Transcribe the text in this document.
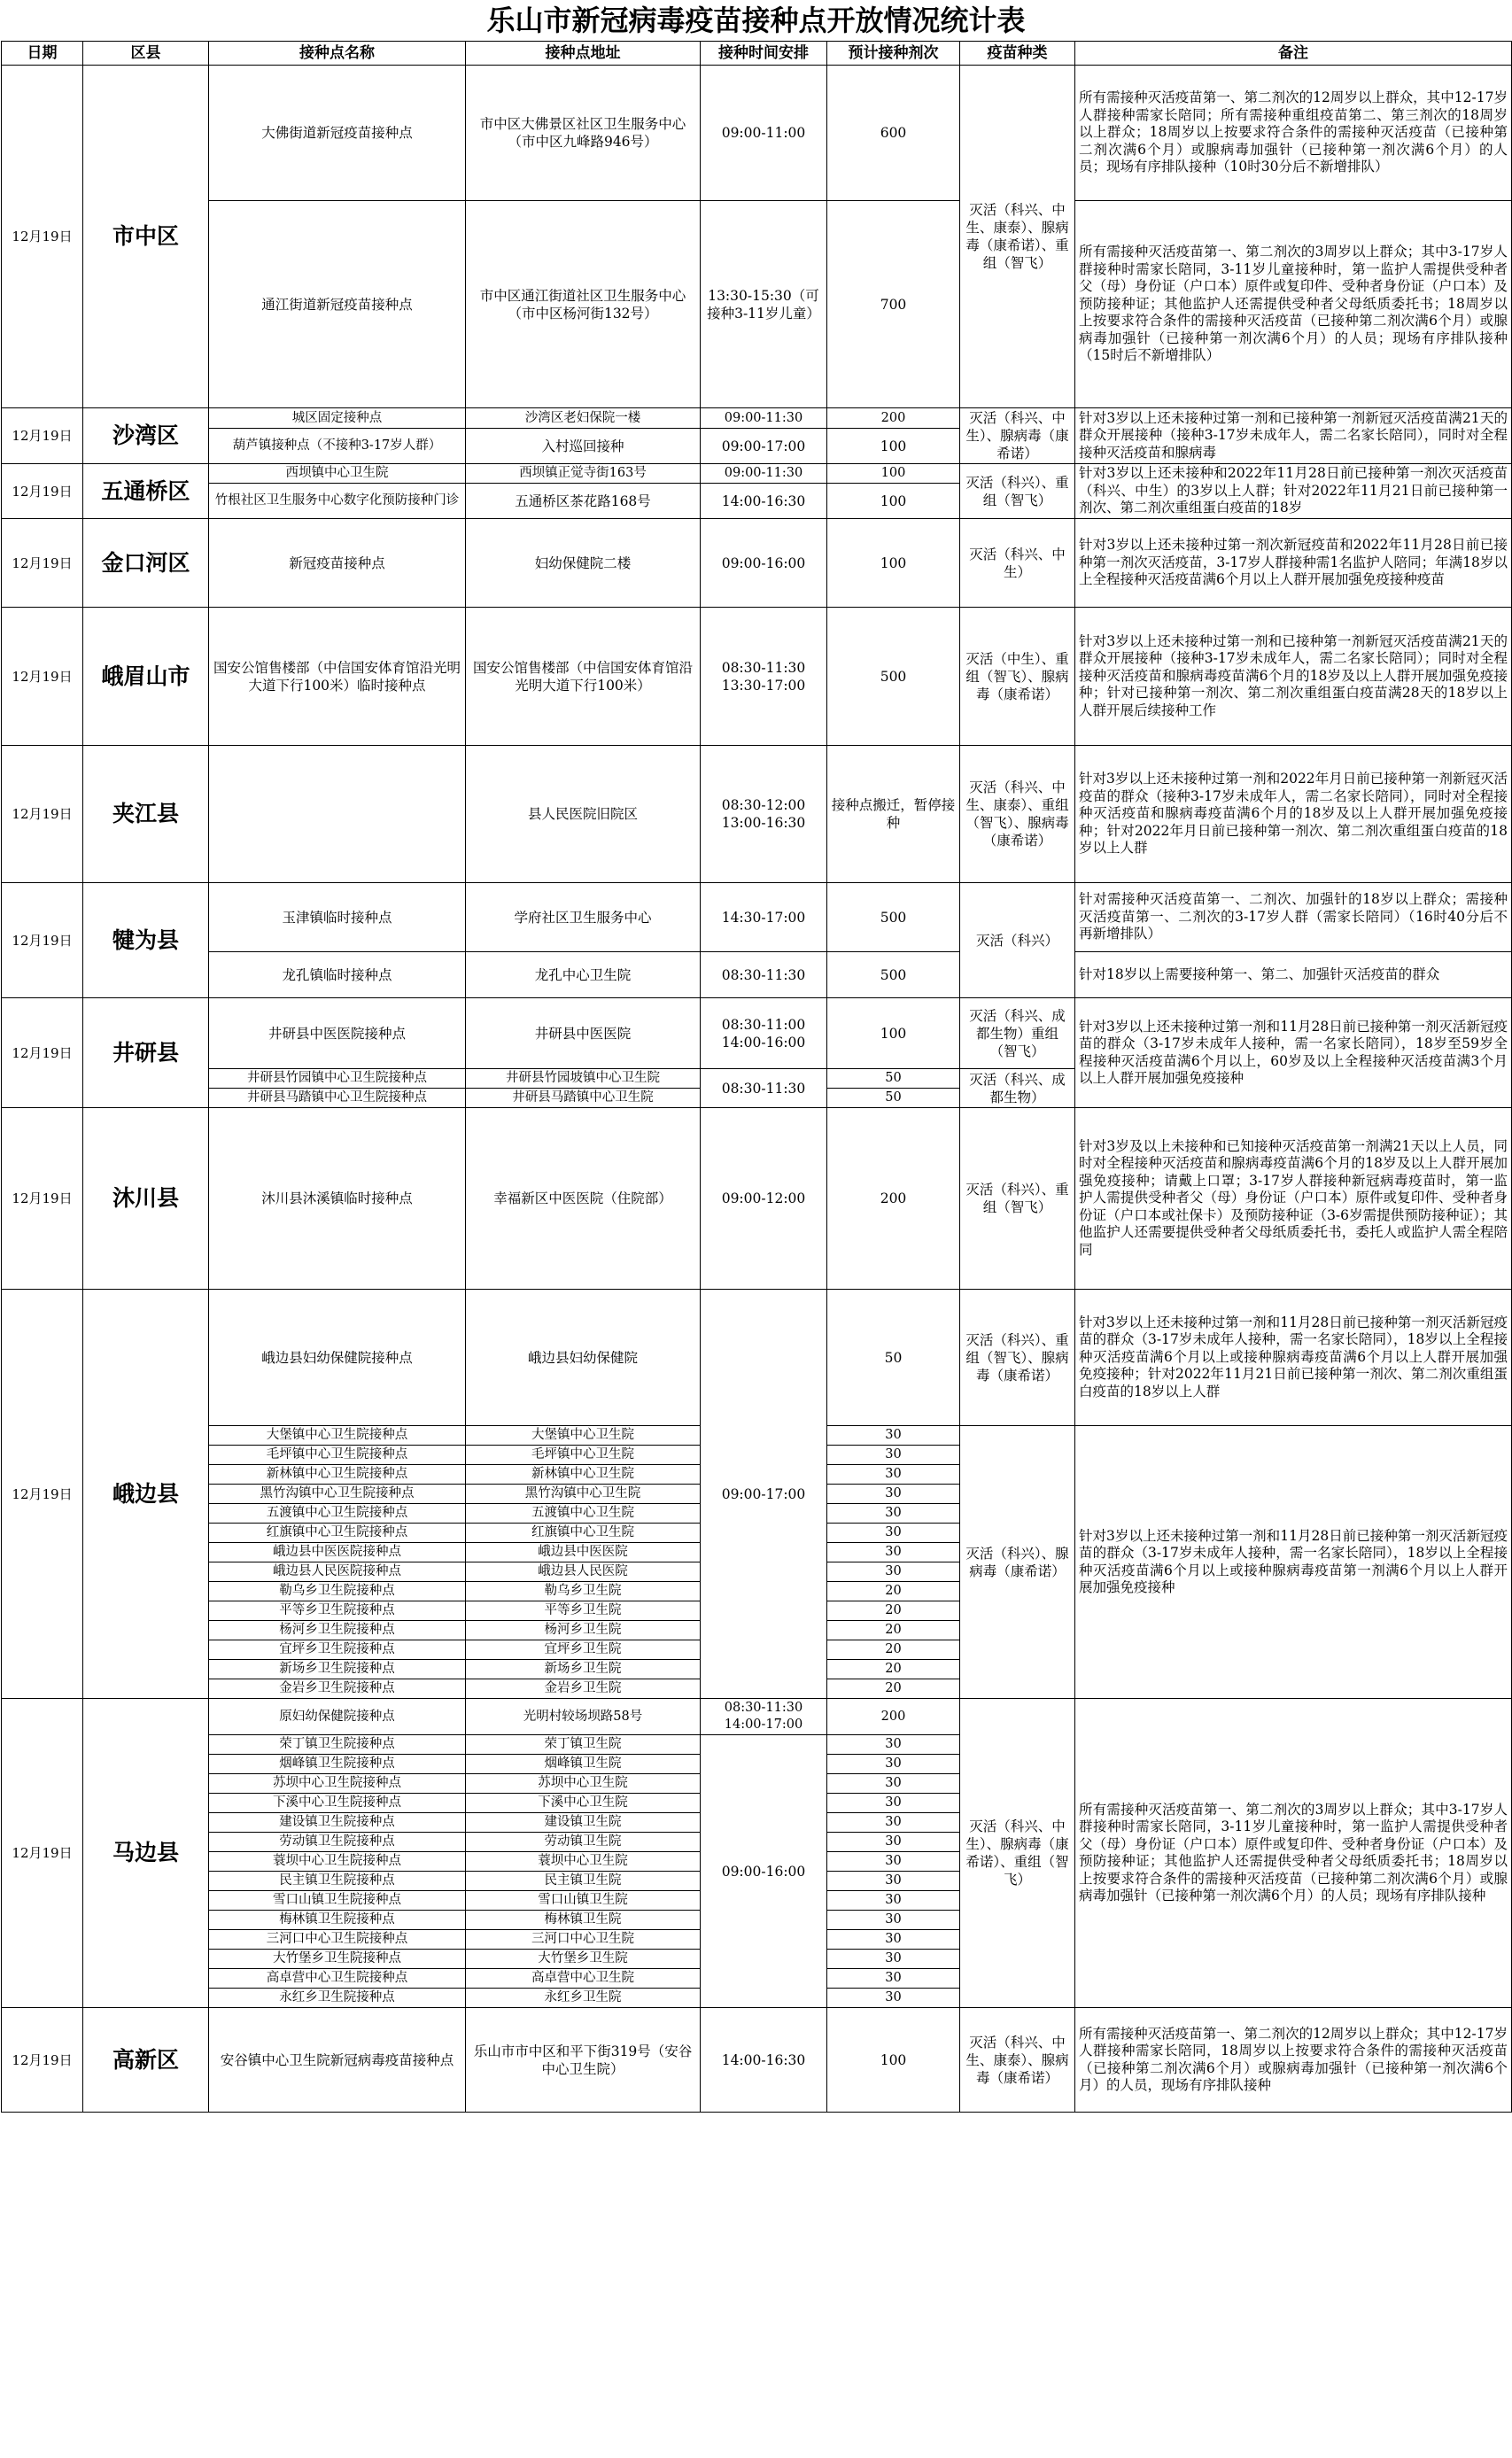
乐山市新冠病毒疫苗接种点开放情况统计表
日期	区县	接种点名称	接种点地址	接种时间安排	预计接种剂次	疫苗种类	备注
12月19日	市中区	大佛街道新冠疫苗接种点	市中区大佛景区社区卫生服务中心（市中区九峰路946号）	09:00-11:00	600	灭活（科兴、中生、康泰）、腺病毒（康希诺）、重组（智飞）	所有需接种灭活疫苗第一、第二剂次的12周岁以上群众，其中12-17岁人群接种需家长陪同；所有需接种重组疫苗第二、第三剂次的18周岁以上群众；18周岁以上按要求符合条件的需接种灭活疫苗（已接种第二剂次满6个月）或腺病毒加强针（已接种第一剂次满6个月）的人员；现场有序排队接种（10时30分后不新增排队）
		通江街道新冠疫苗接种点	市中区通江街道社区卫生服务中心（市中区杨河街132号）	13:30-15:30（可接种3-11岁儿童）	700		所有需接种灭活疫苗第一、第二剂次的3周岁以上群众；其中3-17岁人群接种时需家长陪同，3-11岁儿童接种时，第一监护人需提供受种者父（母）身份证（户口本）原件或复印件、受种者身份证（户口本）及预防接种证；其他监护人还需提供受种者父母纸质委托书；18周岁以上按要求符合条件的需接种灭活疫苗（已接种第二剂次满6个月）或腺病毒加强针（已接种第一剂次满6个月）的人员；现场有序排队接种（15时后不新增排队）
12月19日	沙湾区	城区固定接种点	沙湾区老妇保院一楼	09:00-11:30	200	灭活（科兴、中生）、腺病毒（康希诺）	针对3岁以上还未接种过第一剂和已接种第一剂新冠灭活疫苗满21天的群众开展接种（接种3-17岁未成年人，需二名家长陪同），同时对全程接种灭活疫苗和腺病毒
		葫芦镇接种点（不接种3-17岁人群）	入村巡回接种	09:00-17:00	100		
12月19日	五通桥区	西坝镇中心卫生院	西坝镇正觉寺街163号	09:00-11:30	100	灭活（科兴）、重组（智飞）	针对3岁以上还未接种和2022年11月28日前已接种第一剂次灭活疫苗（科兴、中生）的3岁以上人群；针对2022年11月21日前已接种第一剂次、第二剂次重组蛋白疫苗的18岁
		竹根社区卫生服务中心数字化预防接种门诊	五通桥区茶花路168号	14:00-16:30	100		
12月19日	金口河区	新冠疫苗接种点	妇幼保健院二楼	09:00-16:00	100	灭活（科兴、中生）	针对3岁以上还未接种过第一剂次新冠疫苗和2022年11月28日前已接种第一剂次灭活疫苗，3-17岁人群接种需1名监护人陪同；年满18岁以上全程接种灭活疫苗满6个月以上人群开展加强免疫接种疫苗
12月19日	峨眉山市	国安公馆售楼部（中信国安体育馆沿光明大道下行100米）临时接种点	国安公馆售楼部（中信国安体育馆沿光明大道下行100米）	08:30-11:30 13:30-17:00	500	灭活（中生）、重组（智飞）、腺病毒（康希诺）	针对3岁以上还未接种过第一剂和已接种第一剂新冠灭活疫苗满21天的群众开展接种（接种3-17岁未成年人，需二名家长陪同）；同时对全程接种灭活疫苗和腺病毒疫苗满6个月的18岁及以上人群开展加强免疫接种；针对已接种第一剂次、第二剂次重组蛋白疫苗满28天的18岁以上人群开展后续接种工作
12月19日	夹江县		县人民医院旧院区	08:30-12:00 13:00-16:30	接种点搬迁，暂停接种	灭活（科兴、中生、康泰）、重组（智飞）、腺病毒（康希诺）	针对3岁以上还未接种过第一剂和2022年月日前已接种第一剂新冠灭活疫苗的群众（接种3-17岁未成年人，需二名家长陪同），同时对全程接种灭活疫苗和腺病毒疫苗满6个月的18岁及以上人群开展加强免疫接种；针对2022年月日前已接种第一剂次、第二剂次重组蛋白疫苗的18岁以上人群
12月19日	犍为县	玉津镇临时接种点	学府社区卫生服务中心	14:30-17:00	500	灭活（科兴）	针对需接种灭活疫苗第一、二剂次、加强针的18岁以上群众；需接种灭活疫苗第一、二剂次的3-17岁人群（需家长陪同）（16时40分后不再新增排队）
		龙孔镇临时接种点	龙孔中心卫生院	08:30-11:30	500		针对18岁以上需要接种第一、第二、加强针灭活疫苗的群众
12月19日	井研县	井研县中医医院接种点	井研县中医医院	08:30-11:00 14:00-16:00	100	灭活（科兴、成都生物）重组（智飞）	针对3岁以上还未接种过第一剂和11月28日前已接种第一剂灭活新冠疫苗的群众（3-17岁未成年人接种，需一名家长陪同），18岁至59岁全程接种灭活疫苗满6个月以上，60岁及以上全程接种灭活疫苗满3个月以上人群开展加强免疫接种
		井研县竹园镇中心卫生院接种点	井研县竹园坡镇中心卫生院	08:30-11:30	50	灭活（科兴、成都生物）	
		井研县马踏镇中心卫生院接种点	井研县马踏镇中心卫生院		50		
12月19日	沐川县	沐川县沐溪镇临时接种点	幸福新区中医医院（住院部）	09:00-12:00	200	灭活（科兴）、重组（智飞）	针对3岁及以上未接种和已知接种灭活疫苗第一剂满21天以上人员，同时对全程接种灭活疫苗和腺病毒疫苗满6个月的18岁及以上人群开展加强免疫接种；请戴上口罩；3-17岁人群接种新冠病毒疫苗时，第一监护人需提供受种者父（母）身份证（户口本）原件或复印件、受种者身份证（户口本或社保卡）及预防接种证（3-6岁需提供预防接种证）；其他监护人还需要提供受种者父母纸质委托书，委托人或监护人需全程陪同
12月19日	峨边县	峨边县妇幼保健院接种点	峨边县妇幼保健院	09:00-17:00	50	灭活（科兴）、重组（智飞）、腺病毒（康希诺）	针对3岁以上还未接种过第一剂和11月28日前已接种第一剂灭活新冠疫苗的群众（3-17岁未成年人接种，需一名家长陪同），18岁以上全程接种灭活疫苗满6个月以上或接种腺病毒疫苗满6个月以上人群开展加强免疫接种；针对2022年11月21日前已接种第一剂次、第二剂次重组蛋白疫苗的18岁以上人群
		大堡镇中心卫生院接种点	大堡镇中心卫生院		30	灭活（科兴）、腺病毒（康希诺）	针对3岁以上还未接种过第一剂和11月28日前已接种第一剂灭活新冠疫苗的群众（3-17岁未成年人接种，需一名家长陪同），18岁以上全程接种灭活疫苗满6个月以上或接种腺病毒疫苗第一剂满6个月以上人群开展加强免疫接种
		毛坪镇中心卫生院接种点	毛坪镇中心卫生院		30		
		新林镇中心卫生院接种点	新林镇中心卫生院		30		
		黑竹沟镇中心卫生院接种点	黑竹沟镇中心卫生院		30		
		五渡镇中心卫生院接种点	五渡镇中心卫生院		30		
		红旗镇中心卫生院接种点	红旗镇中心卫生院		30		
		峨边县中医医院接种点	峨边县中医医院		30		
		峨边县人民医院接种点	峨边县人民医院		30		
		勒乌乡卫生院接种点	勒乌乡卫生院		20		
		平等乡卫生院接种点	平等乡卫生院		20		
		杨河乡卫生院接种点	杨河乡卫生院		20		
		宜坪乡卫生院接种点	宜坪乡卫生院		20		
		新场乡卫生院接种点	新场乡卫生院		20		
		金岩乡卫生院接种点	金岩乡卫生院		20		
12月19日	马边县	原妇幼保健院接种点	光明村较场坝路58号	08:30-11:30 14:00-17:00	200	灭活（科兴、中生）、腺病毒（康希诺）、重组（智飞）	所有需接种灭活疫苗第一、第二剂次的3周岁以上群众；其中3-17岁人群接种时需家长陪同，3-11岁儿童接种时，第一监护人需提供受种者父（母）身份证（户口本）原件或复印件、受种者身份证（户口本）及预防接种证；其他监护人还需提供受种者父母纸质委托书；18周岁以上按要求符合条件的需接种灭活疫苗（已接种第二剂次满6个月）或腺病毒加强针（已接种第一剂次满6个月）的人员；现场有序排队接种
		荣丁镇卫生院接种点	荣丁镇卫生院	09:00-16:00	30		
		烟峰镇卫生院接种点	烟峰镇卫生院		30		
		苏坝中心卫生院接种点	苏坝中心卫生院		30		
		下溪中心卫生院接种点	下溪中心卫生院		30		
		建设镇卫生院接种点	建设镇卫生院		30		
		劳动镇卫生院接种点	劳动镇卫生院		30		
		蓑坝中心卫生院接种点	蓑坝中心卫生院		30		
		民主镇卫生院接种点	民主镇卫生院		30		
		雪口山镇卫生院接种点	雪口山镇卫生院		30		
		梅林镇卫生院接种点	梅林镇卫生院		30		
		三河口中心卫生院接种点	三河口中心卫生院		30		
		大竹堡乡卫生院接种点	大竹堡乡卫生院		30		
		高卓营中心卫生院接种点	高卓营中心卫生院		30		
		永红乡卫生院接种点	永红乡卫生院		30		
12月19日	高新区	安谷镇中心卫生院新冠病毒疫苗接种点	乐山市市中区和平下街319号（安谷中心卫生院）	14:00-16:30	100	灭活（科兴、中生、康泰）、腺病毒（康希诺）	所有需接种灭活疫苗第一、第二剂次的12周岁以上群众；其中12-17岁人群接种需家长陪同，18周岁以上按要求符合条件的需接种灭活疫苗（已接种第二剂次满6个月）或腺病毒加强针（已接种第一剂次满6个月）的人员，现场有序排队接种
